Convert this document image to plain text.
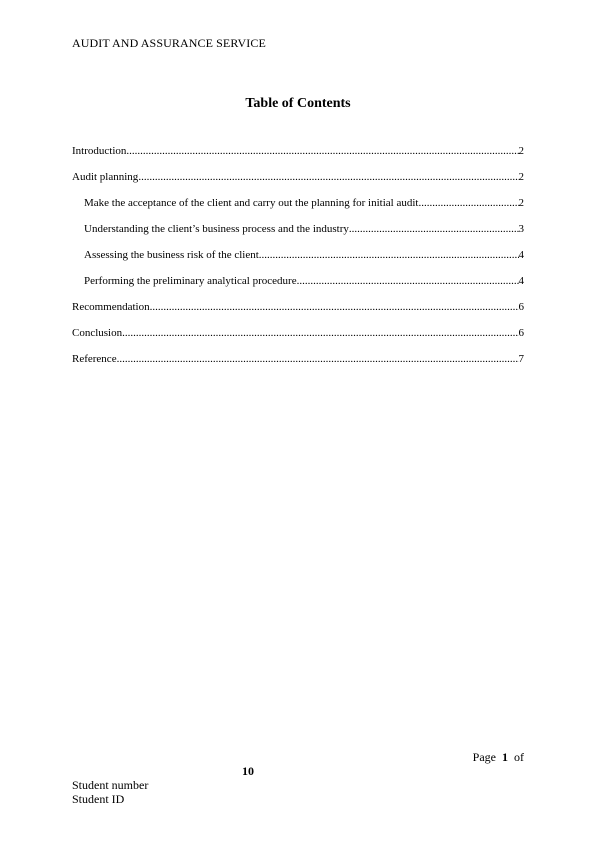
AUDIT AND ASSURANCE SERVICE
Table of Contents
Introduction .....	2
Audit planning .....	2
Make the acceptance of the client and carry out the planning for initial audit .....	2
Understanding the client’s business process and the industry .....	3
Assessing the business risk of the client .....	4
Performing the preliminary analytical procedure .....	4
Recommendation .....	6
Conclusion .....	6
Reference .....	7
Page 1 of
10
Student number
Student ID
